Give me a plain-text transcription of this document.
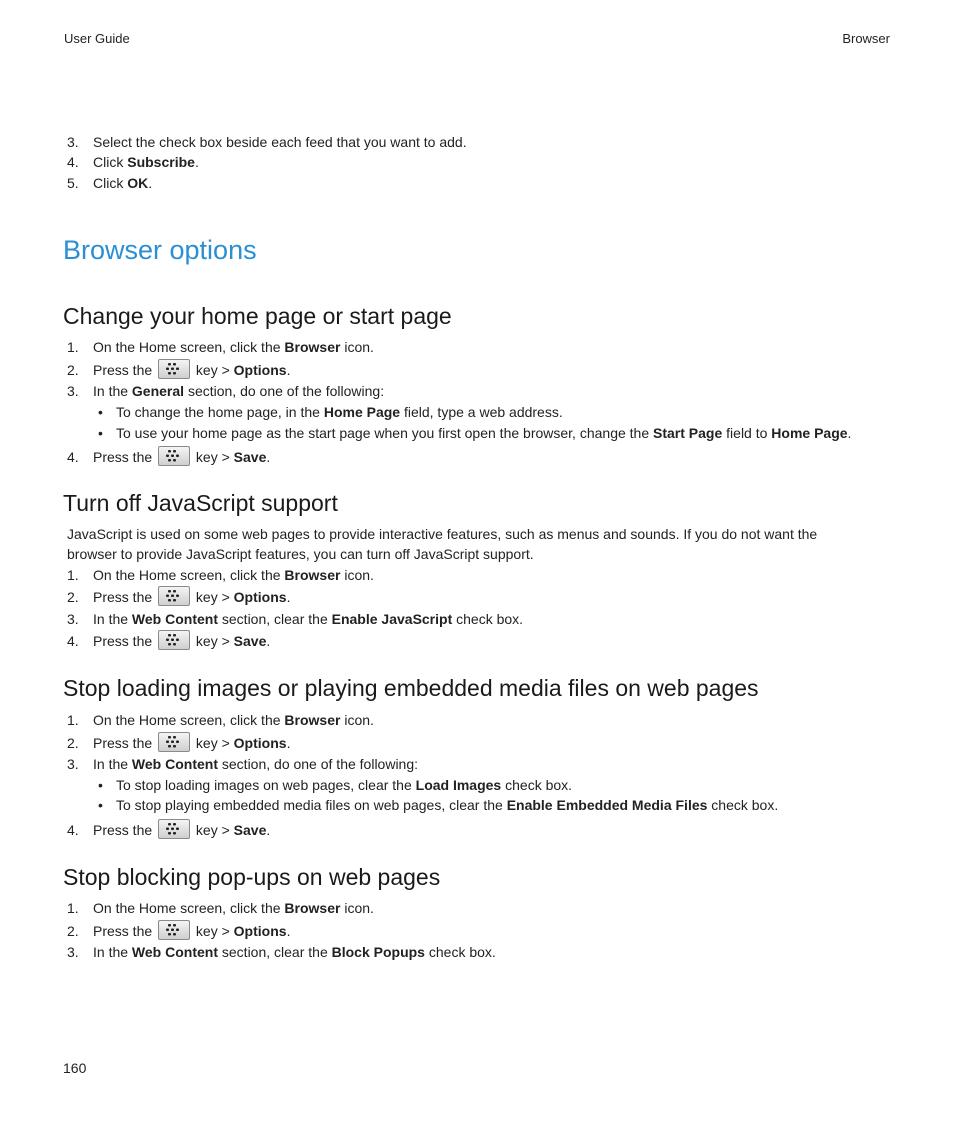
User Guide	Browser
3. Select the check box beside each feed that you want to add.
4. Click Subscribe.
5. Click OK.
Browser options
Change your home page or start page
1. On the Home screen, click the Browser icon.
2. Press the	key > Options.
3. In the General section, do one of the following:
• To change the home page, in the Home Page field, type a web address.
• To use your home page as the start page when you first open the browser, change the Start Page field to Home Page.
4. Press the	key > Save.
Turn off JavaScript support

JavaScript is used on some web pages to provide interactive features, such as menus and sounds. If you do not want the browser to provide JavaScript features, you can turn off JavaScript support.

1. On the Home screen, click the Browser icon.
2. Press the	key > Options.
3. In the Web Content section, clear the Enable JavaScript check box.
4. Press the	key > Save.
Stop loading images or playing embedded media files on web pages
1. On the Home screen, click the Browser icon.
2. Press the	key > Options.
3. In the Web Content section, do one of the following:
• To stop loading images on web pages, clear the Load Images check box.
• To stop playing embedded media files on web pages, clear the Enable Embedded Media Files check box.
4. Press the	key > Save.
Stop blocking pop-ups on web pages
1. On the Home screen, click the Browser icon.
2. Press the	key > Options.
3. In the Web Content section, clear the Block Popups check box.
160
